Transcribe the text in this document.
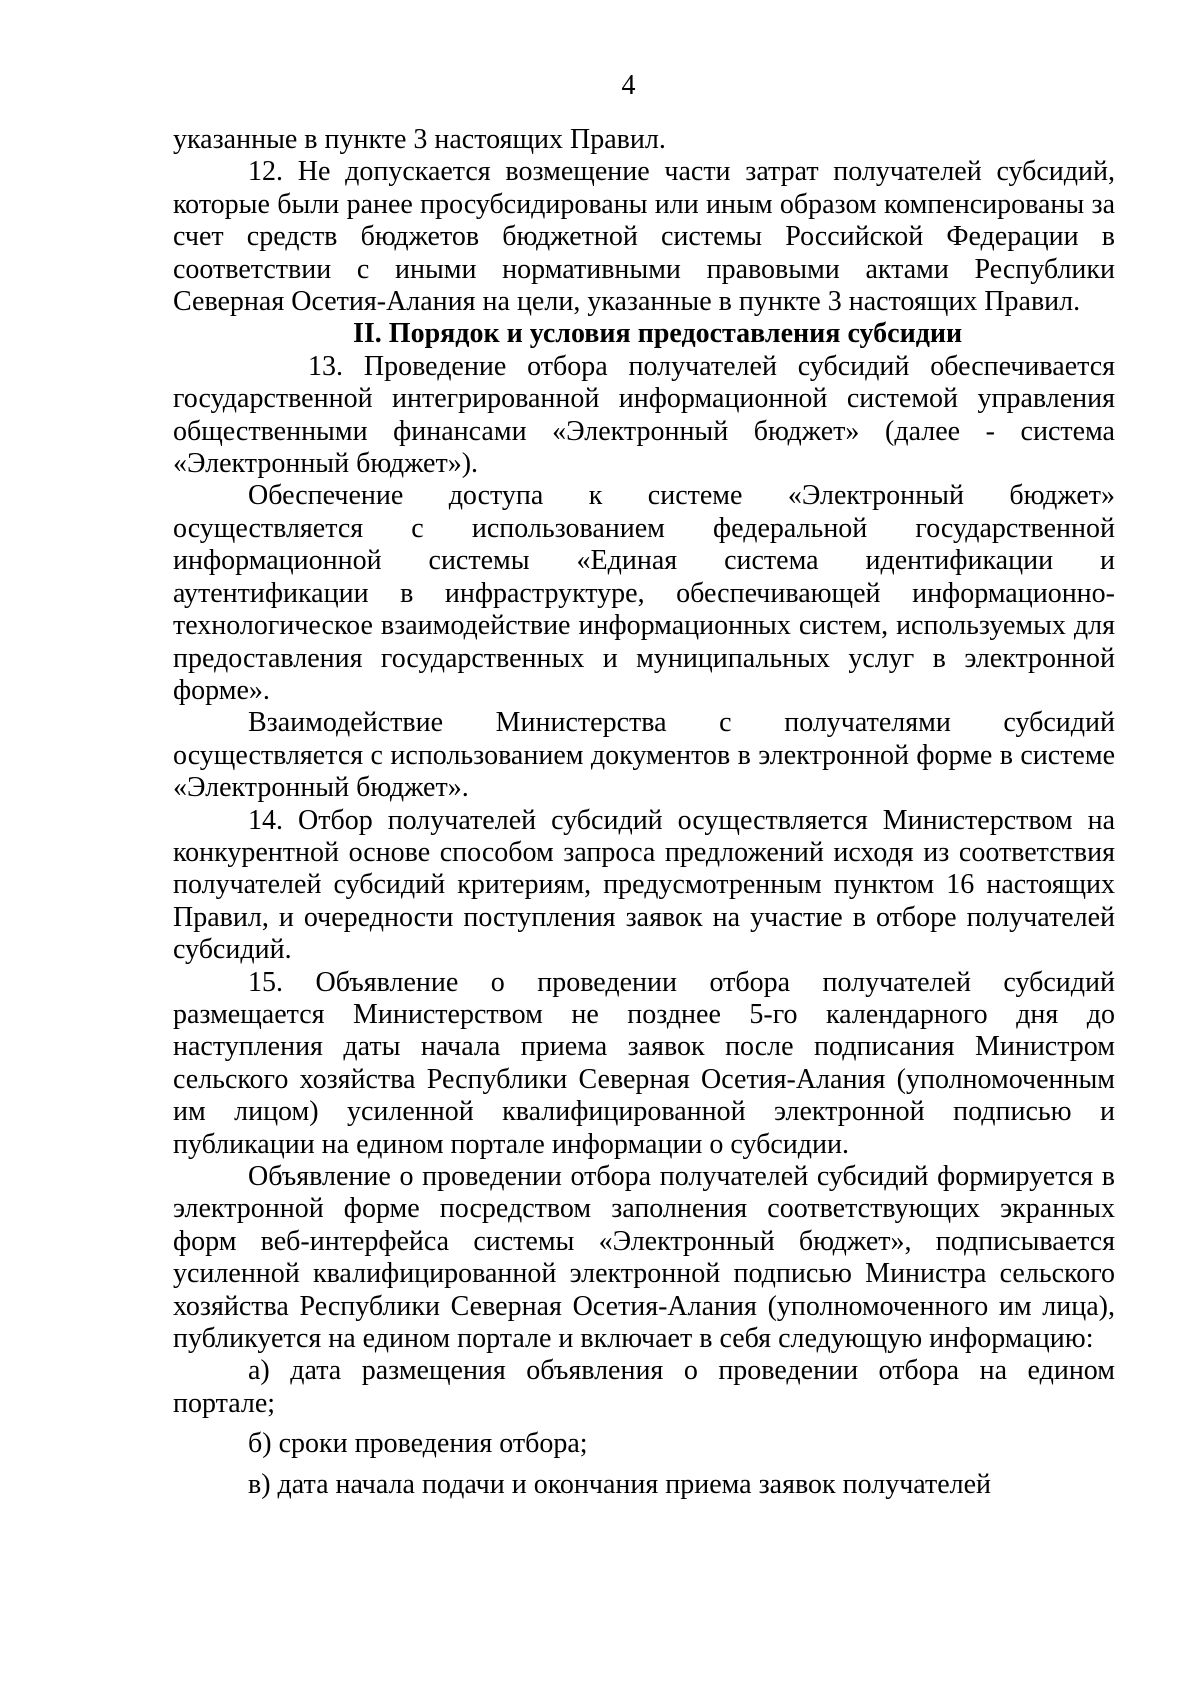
4

указанные в пункте 3 настоящих Правил.

12. Не допускается возмещение части затрат получателей субсидий, которые были ранее просубсидированы или иным образом компенсированы за счет средств бюджетов бюджетной системы Российской Федерации в соответствии с иными нормативными правовыми актами Республики Северная Осетия-Алания на цели, указанные в пункте 3 настоящих Правил.

II. Порядок и условия предоставления субсидии

13. Проведение отбора получателей субсидий обеспечивается государственной интегрированной информационной системой управления общественными финансами «Электронный бюджет» (далее - система «Электронный бюджет»).

Обеспечение доступа к системе «Электронный бюджет» осуществляется с использованием федеральной государственной информационной системы «Единая система идентификации и аутентификации в инфраструктуре, обеспечивающей информационно-технологическое взаимодействие информационных систем, используемых для предоставления государственных и муниципальных услуг в электронной форме».

Взаимодействие Министерства с получателями субсидий осуществляется с использованием документов в электронной форме в системе «Электронный бюджет».

14. Отбор получателей субсидий осуществляется Министерством на конкурентной основе способом запроса предложений исходя из соответствия получателей субсидий критериям, предусмотренным пунктом 16 настоящих Правил, и очередности поступления заявок на участие в отборе получателей субсидий.

15. Объявление о проведении отбора получателей субсидий размещается Министерством не позднее 5-го календарного дня до наступления даты начала приема заявок после подписания Министром сельского хозяйства Республики Северная Осетия-Алания (уполномоченным им лицом) усиленной квалифицированной электронной подписью и публикации на едином портале информации о субсидии.

Объявление о проведении отбора получателей субсидий формируется в электронной форме посредством заполнения соответствующих экранных форм веб-интерфейса системы «Электронный бюджет», подписывается усиленной квалифицированной электронной подписью Министра сельского хозяйства Республики Северная Осетия-Алания (уполномоченного им лица), публикуется на едином портале и включает в себя следующую информацию:

а) дата размещения объявления о проведении отбора на едином портале;

б) сроки проведения отбора;

в) дата начала подачи и окончания приема заявок получателей
